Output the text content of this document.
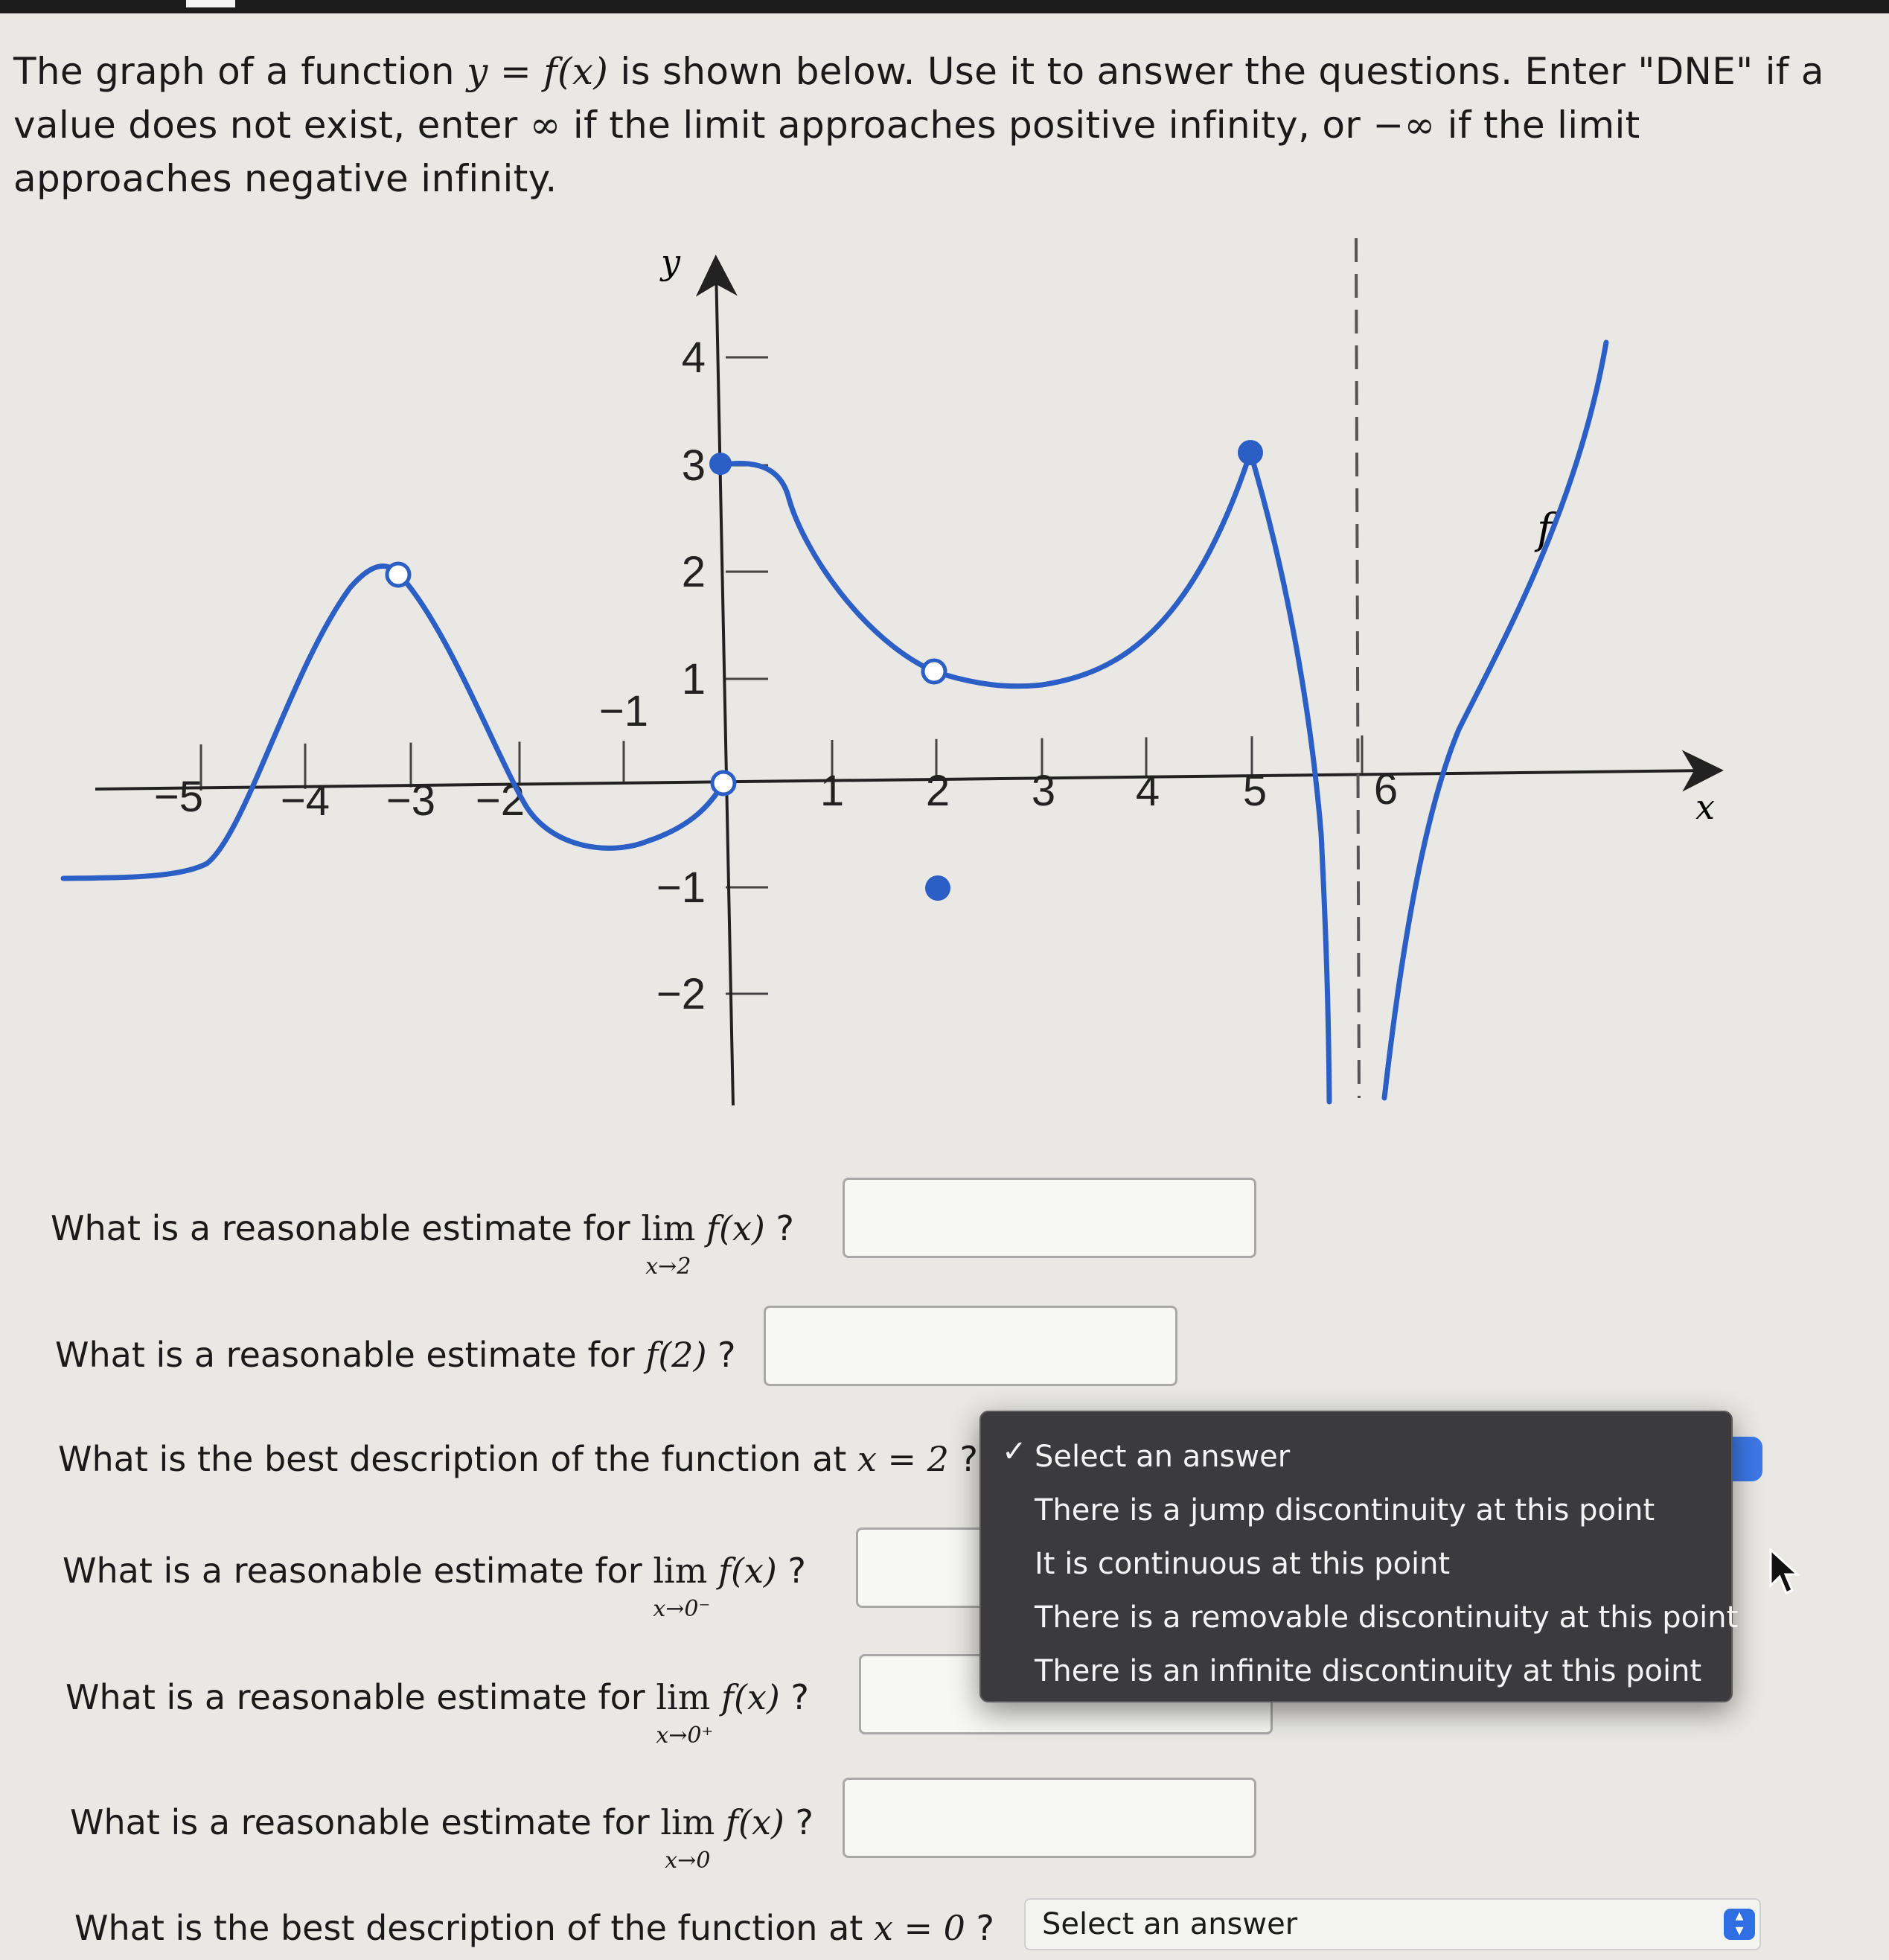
The graph of a function y = f(x) is shown below. Use it to answer the questions. Enter "DNE" if a value does not exist, enter ∞ if the limit approaches positive infinity, or −∞ if the limit approaches negative infinity.
−5 −4 −3 −2
−1
1 2 3 4 5 6
4
3
2
1
−1
−2
x
y
f
What is a reasonable estimate for lim
x→2
f(x) ?
What is a reasonable estimate for f(2) ?
What is the best description of the function at x = 2 ?
What is a reasonable estimate for lim
x→0⁻
f(x) ?
What is a reasonable estimate for lim
x→0⁺
f(x) ?
What is a reasonable estimate for lim
x→0
f(x) ?
What is the best description of the function at x = 0 ?	Select an answer	▴
▾
✓ Select an answer
There is a jump discontinuity at this point
It is continuous at this point
There is a removable discontinuity at this point
There is an infinite discontinuity at this point
